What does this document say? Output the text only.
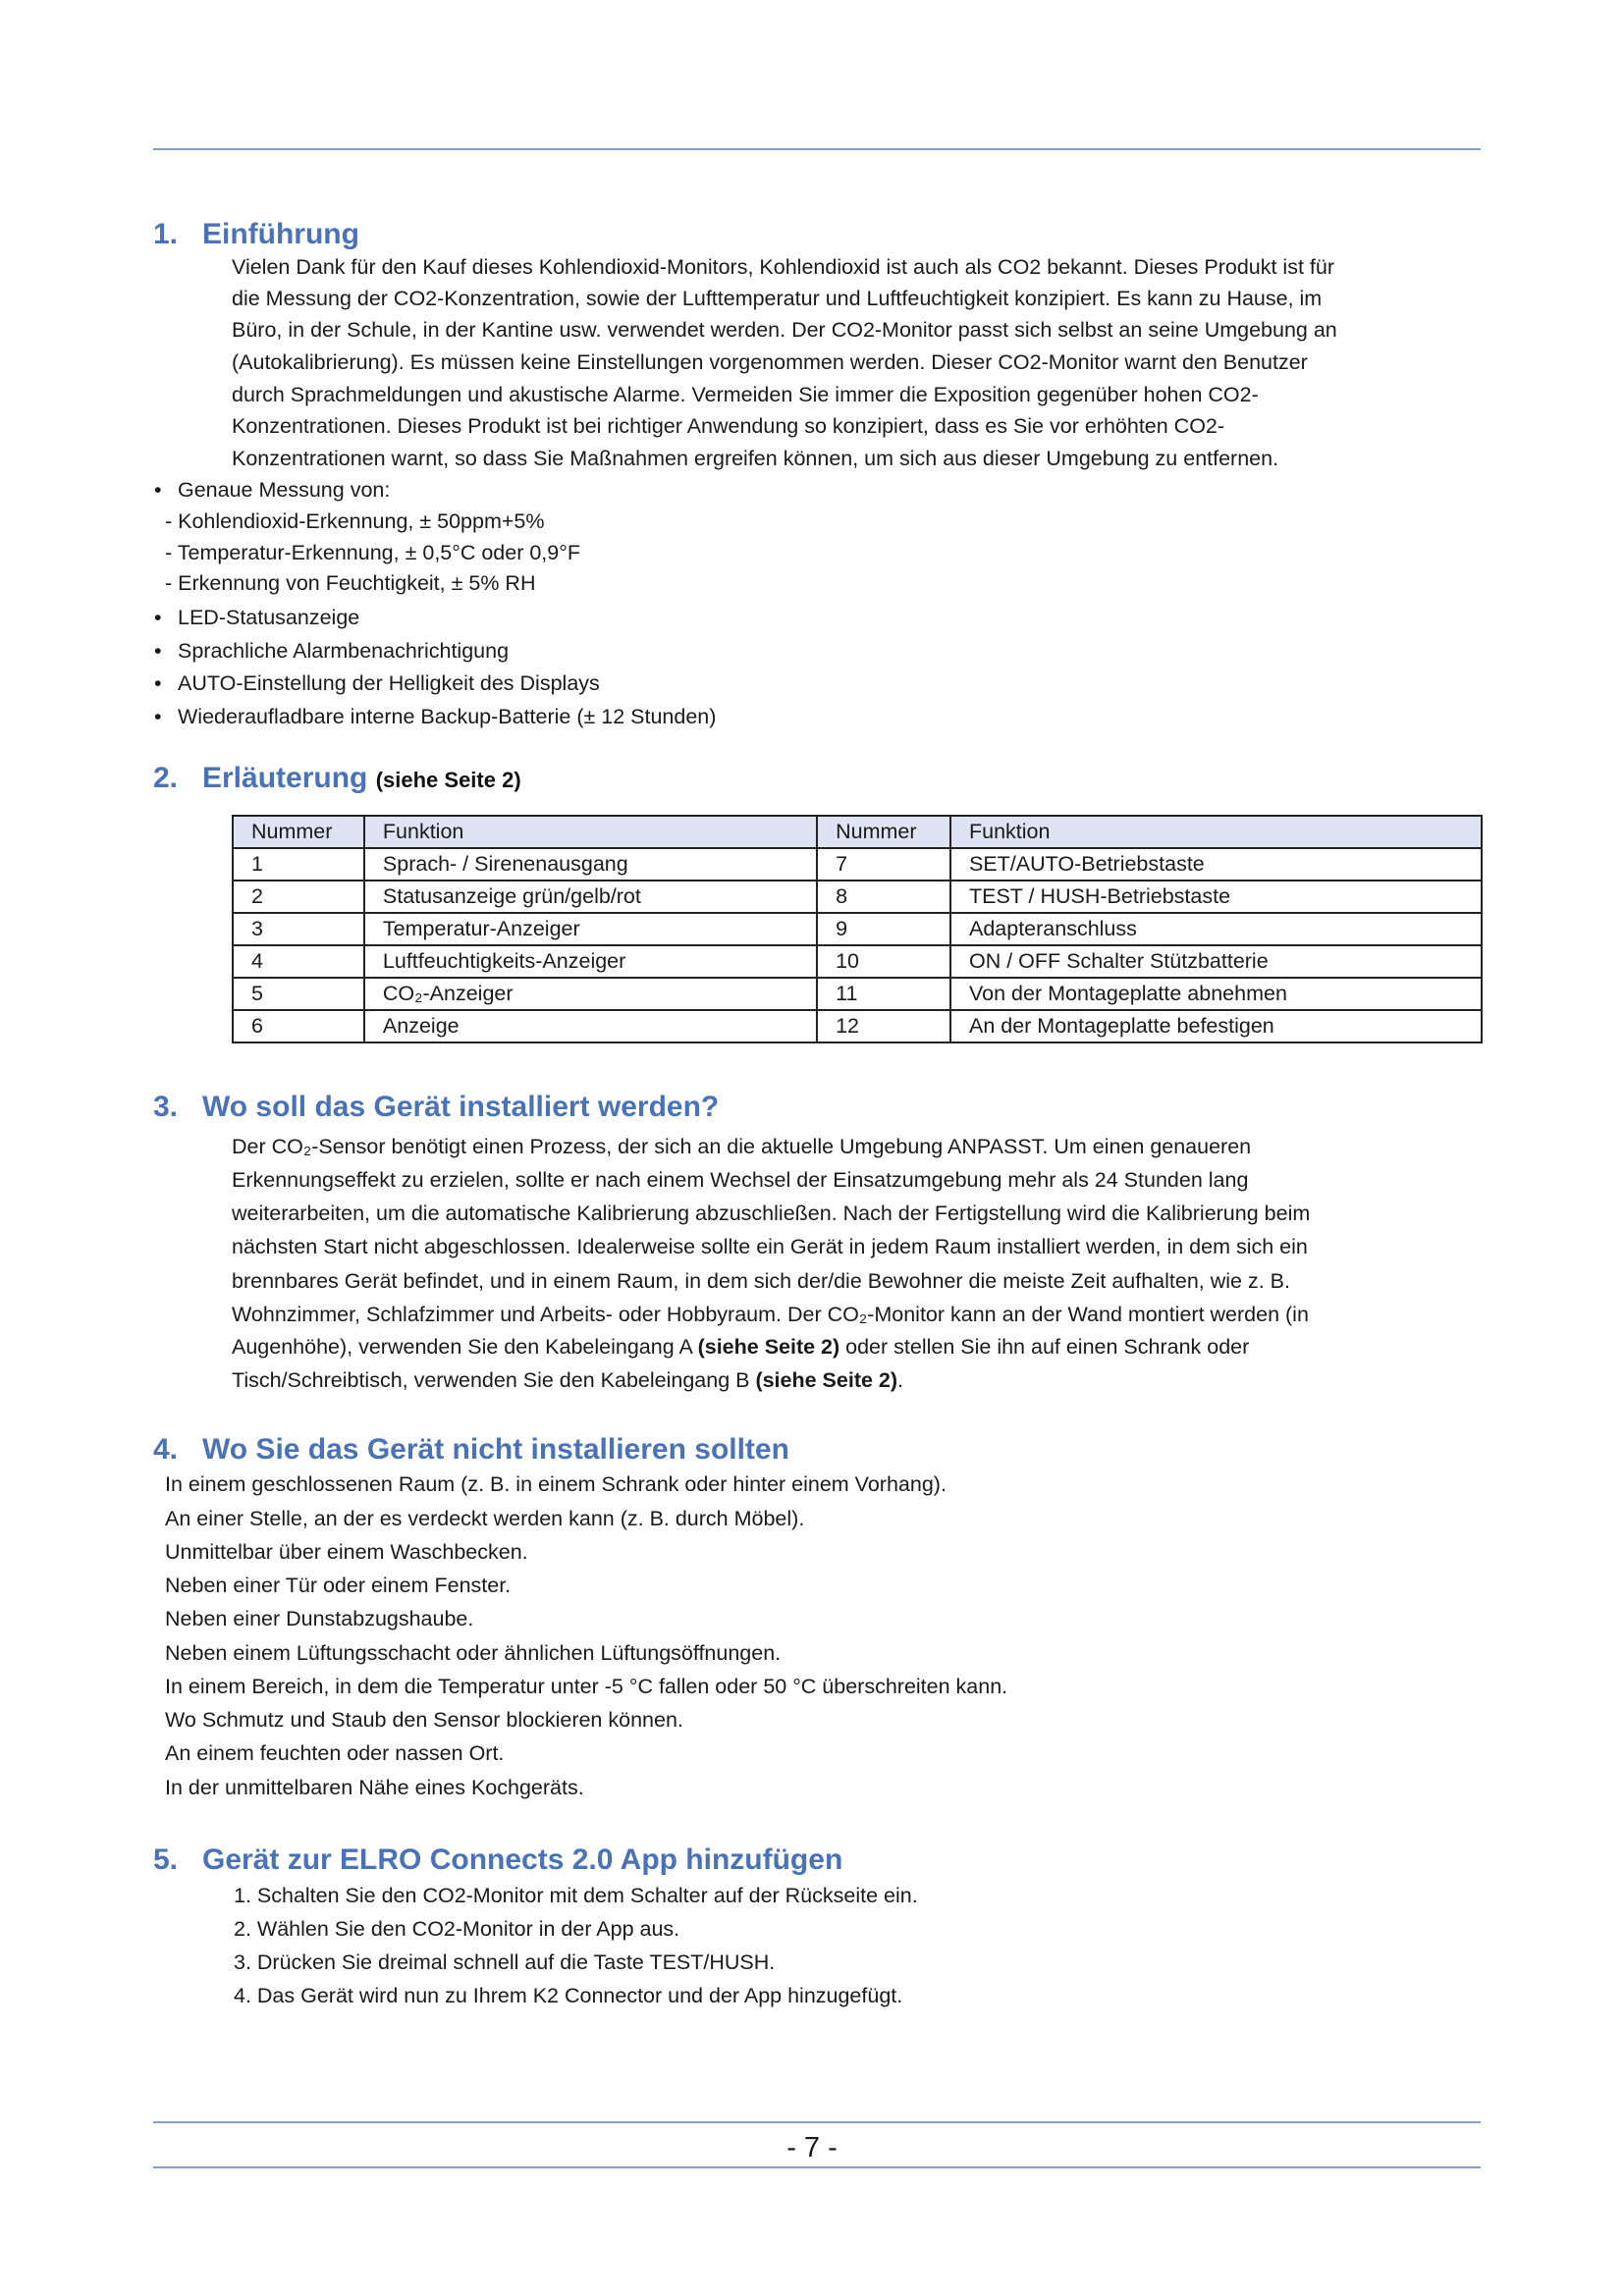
1. Einführung

Vielen Dank für den Kauf dieses Kohlendioxid-Monitors, Kohlendioxid ist auch als CO2 bekannt. Dieses Produkt ist für

die Messung der CO2-Konzentration, sowie der Lufttemperatur und Luftfeuchtigkeit konzipiert. Es kann zu Hause, im

Büro, in der Schule, in der Kantine usw. verwendet werden. Der CO2-Monitor passt sich selbst an seine Umgebung an

(Autokalibrierung). Es müssen keine Einstellungen vorgenommen werden. Dieser CO2-Monitor warnt den Benutzer

durch Sprachmeldungen und akustische Alarme. Vermeiden Sie immer die Exposition gegenüber hohen CO2-

Konzentrationen. Dieses Produkt ist bei richtiger Anwendung so konzipiert, dass es Sie vor erhöhten CO2-

Konzentrationen warnt, so dass Sie Maßnahmen ergreifen können, um sich aus dieser Umgebung zu entfernen.

• Genaue Messung von:

- Kohlendioxid-Erkennung, ± 50ppm+5%

- Temperatur-Erkennung, ± 0,5°C oder 0,9°F

- Erkennung von Feuchtigkeit, ± 5% RH

• LED-Statusanzeige

• Sprachliche Alarmbenachrichtigung

• AUTO-Einstellung der Helligkeit des Displays

• Wiederaufladbare interne Backup-Batterie (± 12 Stunden)

2. Erläuterung (siehe Seite 2)
Nummer	Funktion	Nummer	Funktion
1	Sprach- / Sirenenausgang	7	SET/AUTO-Betriebstaste
2	Statusanzeige grün/gelb/rot	8	TEST / HUSH-Betriebstaste
3	Temperatur-Anzeiger	9	Adapteranschluss
4	Luftfeuchtigkeits-Anzeiger	10	ON / OFF Schalter Stützbatterie
5	CO₂-Anzeiger	11	Von der Montageplatte abnehmen
6	Anzeige	12	An der Montageplatte befestigen
3. Wo soll das Gerät installiert werden?

Der CO₂-Sensor benötigt einen Prozess, der sich an die aktuelle Umgebung ANPASST. Um einen genaueren

Erkennungseffekt zu erzielen, sollte er nach einem Wechsel der Einsatzumgebung mehr als 24 Stunden lang

weiterarbeiten, um die automatische Kalibrierung abzuschließen. Nach der Fertigstellung wird die Kalibrierung beim

nächsten Start nicht abgeschlossen. Idealerweise sollte ein Gerät in jedem Raum installiert werden, in dem sich ein

brennbares Gerät befindet, und in einem Raum, in dem sich der/die Bewohner die meiste Zeit aufhalten, wie z. B.

Wohnzimmer, Schlafzimmer und Arbeits- oder Hobbyraum. Der CO₂-Monitor kann an der Wand montiert werden (in

Augenhöhe), verwenden Sie den Kabeleingang A (siehe Seite 2) oder stellen Sie ihn auf einen Schrank oder

Tisch/Schreibtisch, verwenden Sie den Kabeleingang B (siehe Seite 2).

4. Wo Sie das Gerät nicht installieren sollten

In einem geschlossenen Raum (z. B. in einem Schrank oder hinter einem Vorhang).

An einer Stelle, an der es verdeckt werden kann (z. B. durch Möbel).

Unmittelbar über einem Waschbecken.

Neben einer Tür oder einem Fenster.

Neben einer Dunstabzugshaube.

Neben einem Lüftungsschacht oder ähnlichen Lüftungsöffnungen.

In einem Bereich, in dem die Temperatur unter -5 °C fallen oder 50 °C überschreiten kann.

Wo Schmutz und Staub den Sensor blockieren können.

An einem feuchten oder nassen Ort.

In der unmittelbaren Nähe eines Kochgeräts.

5. Gerät zur ELRO Connects 2.0 App hinzufügen

1. Schalten Sie den CO2-Monitor mit dem Schalter auf der Rückseite ein.

2. Wählen Sie den CO2-Monitor in der App aus.

3. Drücken Sie dreimal schnell auf die Taste TEST/HUSH.

4. Das Gerät wird nun zu Ihrem K2 Connector und der App hinzugefügt.

- 7 -
